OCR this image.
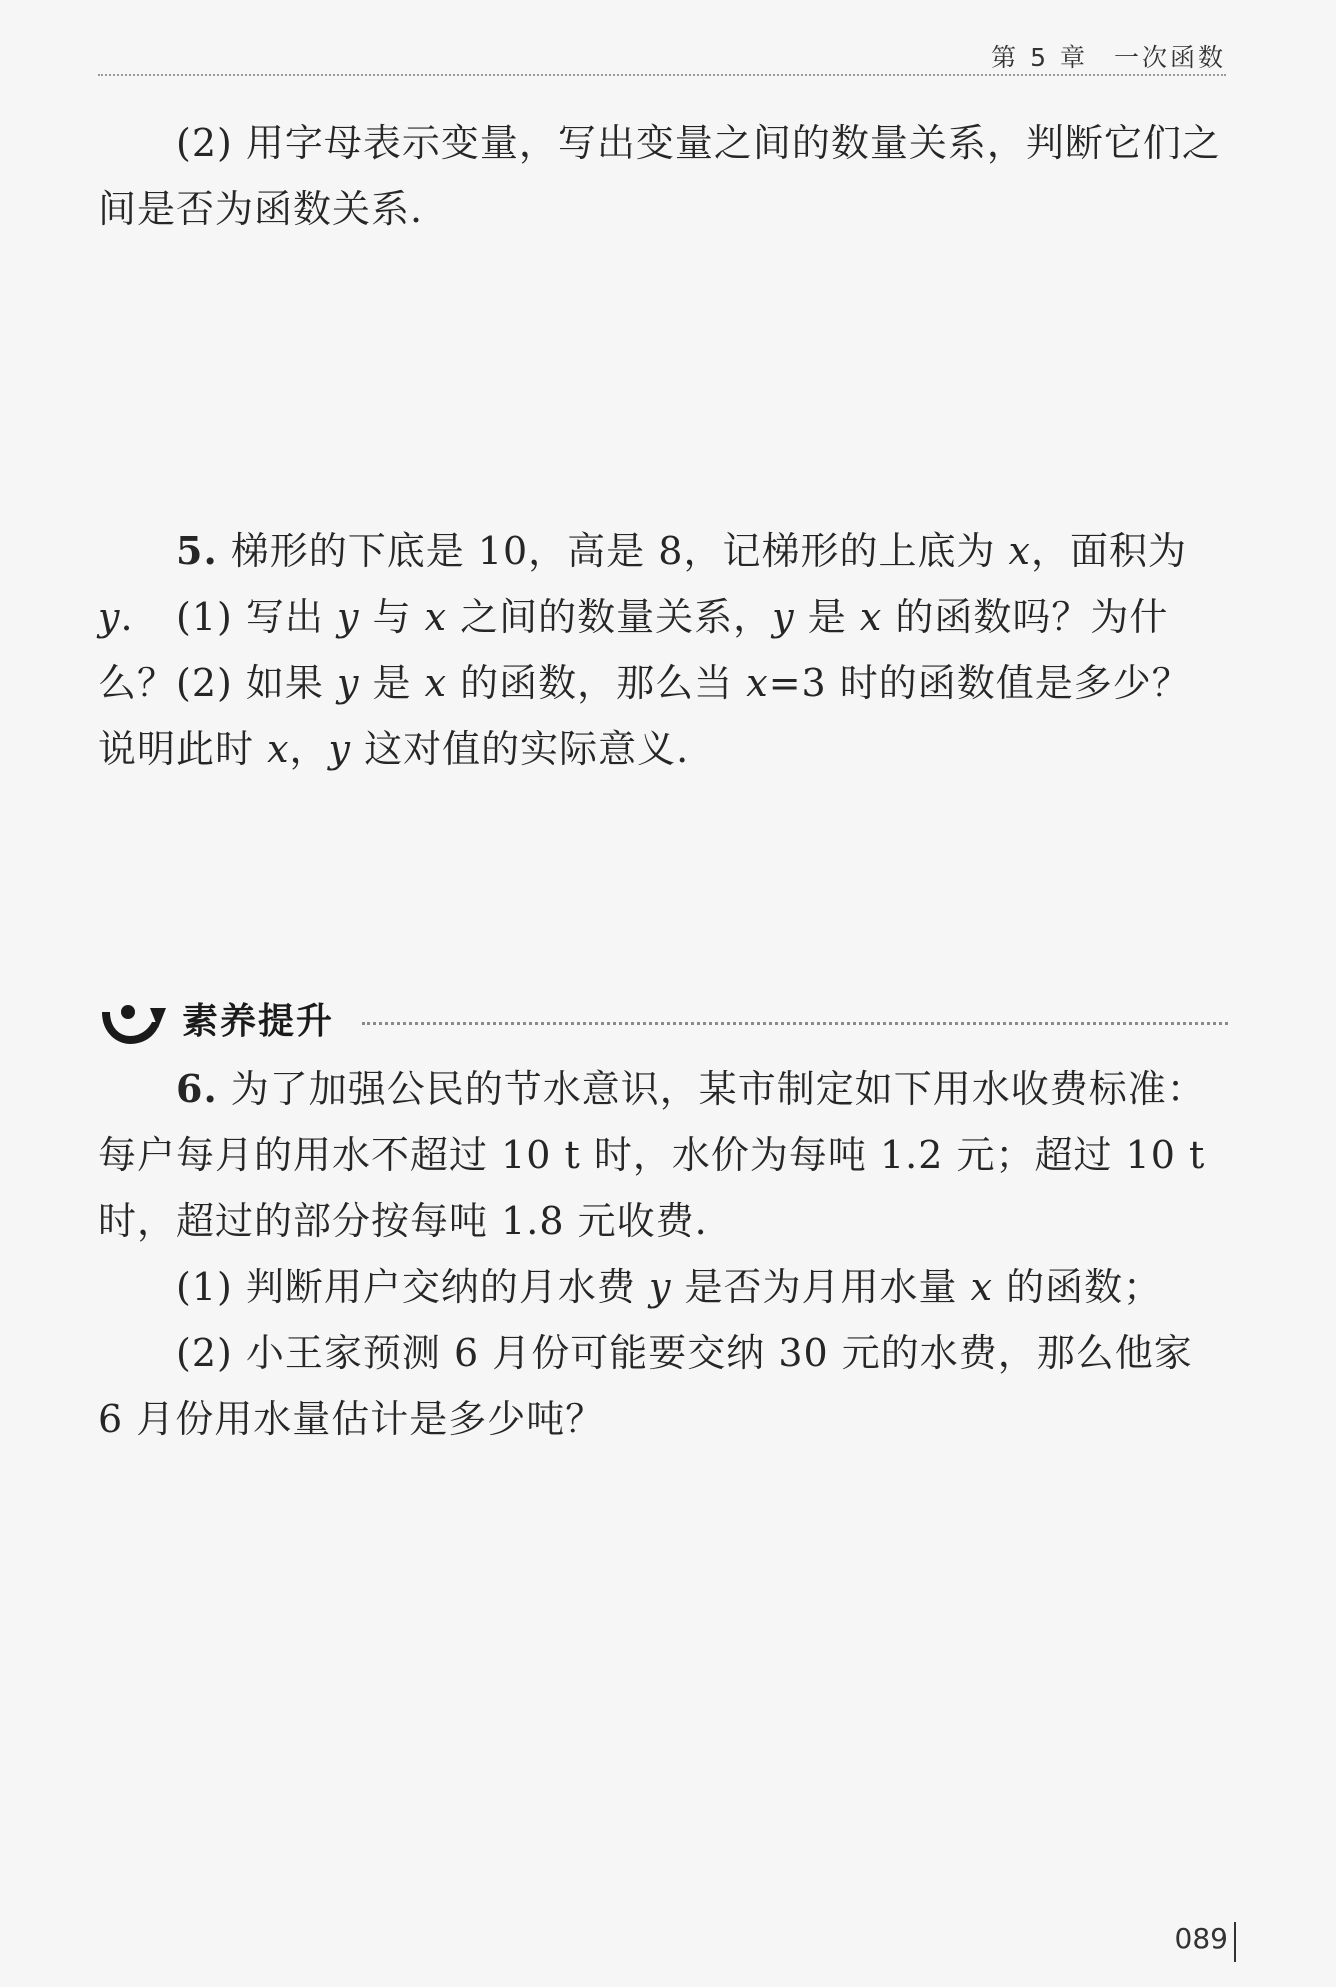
第 5 章 一次函数

(2) 用字母表示变量，写出变量之间的数量关系，判断它们之间是否为函数关系.

5. 梯形的下底是 10，高是 8，记梯形的上底为 x，面积为 y.	(1) 写出 y 与 x 之间的数量关系，y 是 x 的函数吗？为什么？ (2) 如果 y 是 x 的函数，那么当 x=3 时的函数值是多少？说明此时 x，y 这对值的实际意义.

素养提升

6. 为了加强公民的节水意识，某市制定如下用水收费标准：每户每月的用水不超过 10 t 时，水价为每吨 1.2 元；超过 10 t 时，超过的部分按每吨 1.8 元收费.

(1) 判断用户交纳的月水费 y 是否为月用水量 x 的函数；

(2) 小王家预测 6 月份可能要交纳 30 元的水费，那么他家 6 月份用水量估计是多少吨？

089
